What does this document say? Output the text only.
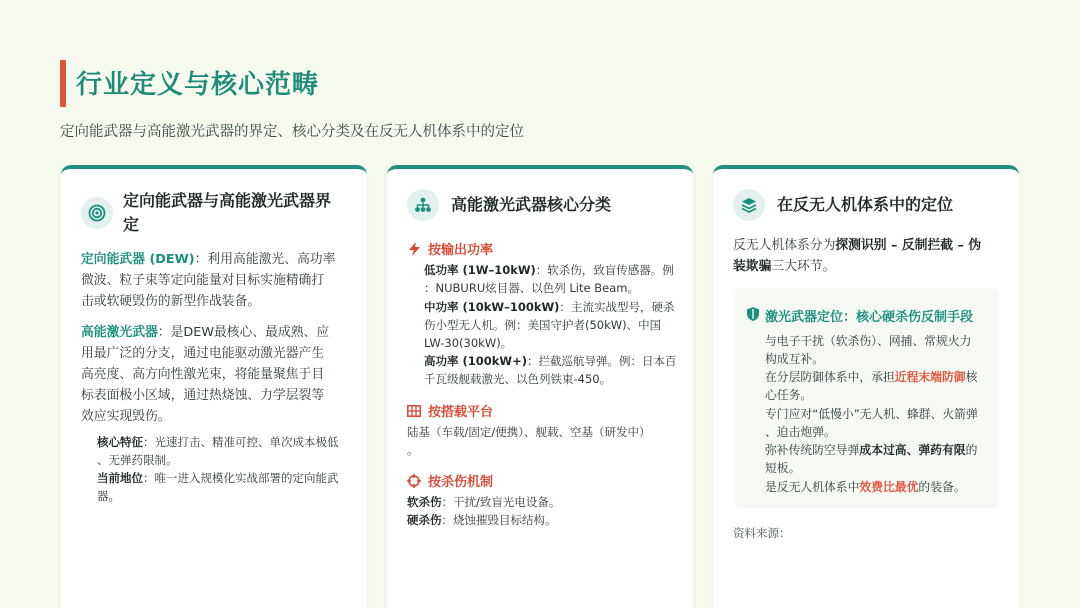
行业定义与核心范畴
定向能武器与高能激光武器的界定、核心分类及在反无人机体系中的定位
定向能武器与高能激光武器界
定
定向能武器 (DEW)：利用高能激光、高功率
微波、粒子束等定向能量对目标实施精确打
击或软硬毁伤的新型作战装备。
高能激光武器：是DEW最核心、最成熟、应
用最广泛的分支，通过电能驱动激光器产生
高亮度、高方向性激光束，将能量聚焦于目
标表面极小区域，通过热烧蚀、力学层裂等
效应实现毁伤。
核心特征：光速打击、精准可控、单次成本极低
、无弹药限制。
当前地位：唯一进入规模化实战部署的定向能武
器。
高能激光武器核心分类
按输出功率
低功率 (1W–10kW)：软杀伤，致盲传感器。例
：NUBURU炫目器、以色列 Lite Beam。
中功率 (10kW–100kW)：主流实战型号，硬杀
伤小型无人机。例：美国守护者(50kW)、中国
LW-30(30kW)。
高功率 (100kW+)：拦截巡航导弹。例：日本百
千瓦级舰载激光、以色列铁束-450。
按搭载平台
陆基（车载/固定/便携）、舰载、空基（研发中）
。
按杀伤机制
软杀伤：干扰/致盲光电设备。
硬杀伤：烧蚀摧毁目标结构。
在反无人机体系中的定位
反无人机体系分为探测识别 – 反制拦截 – 伪
装欺骗三大环节。
激光武器定位：核心硬杀伤反制手段
与电子干扰（软杀伤）、网捕、常规火力
构成互补。
在分层防御体系中，承担近程末端防御核
心任务。
专门应对“低慢小”无人机、蜂群、火箭弹
、迫击炮弹。
弥补传统防空导弹成本过高、弹药有限的
短板。
是反无人机体系中效费比最优的装备。
资料来源：
